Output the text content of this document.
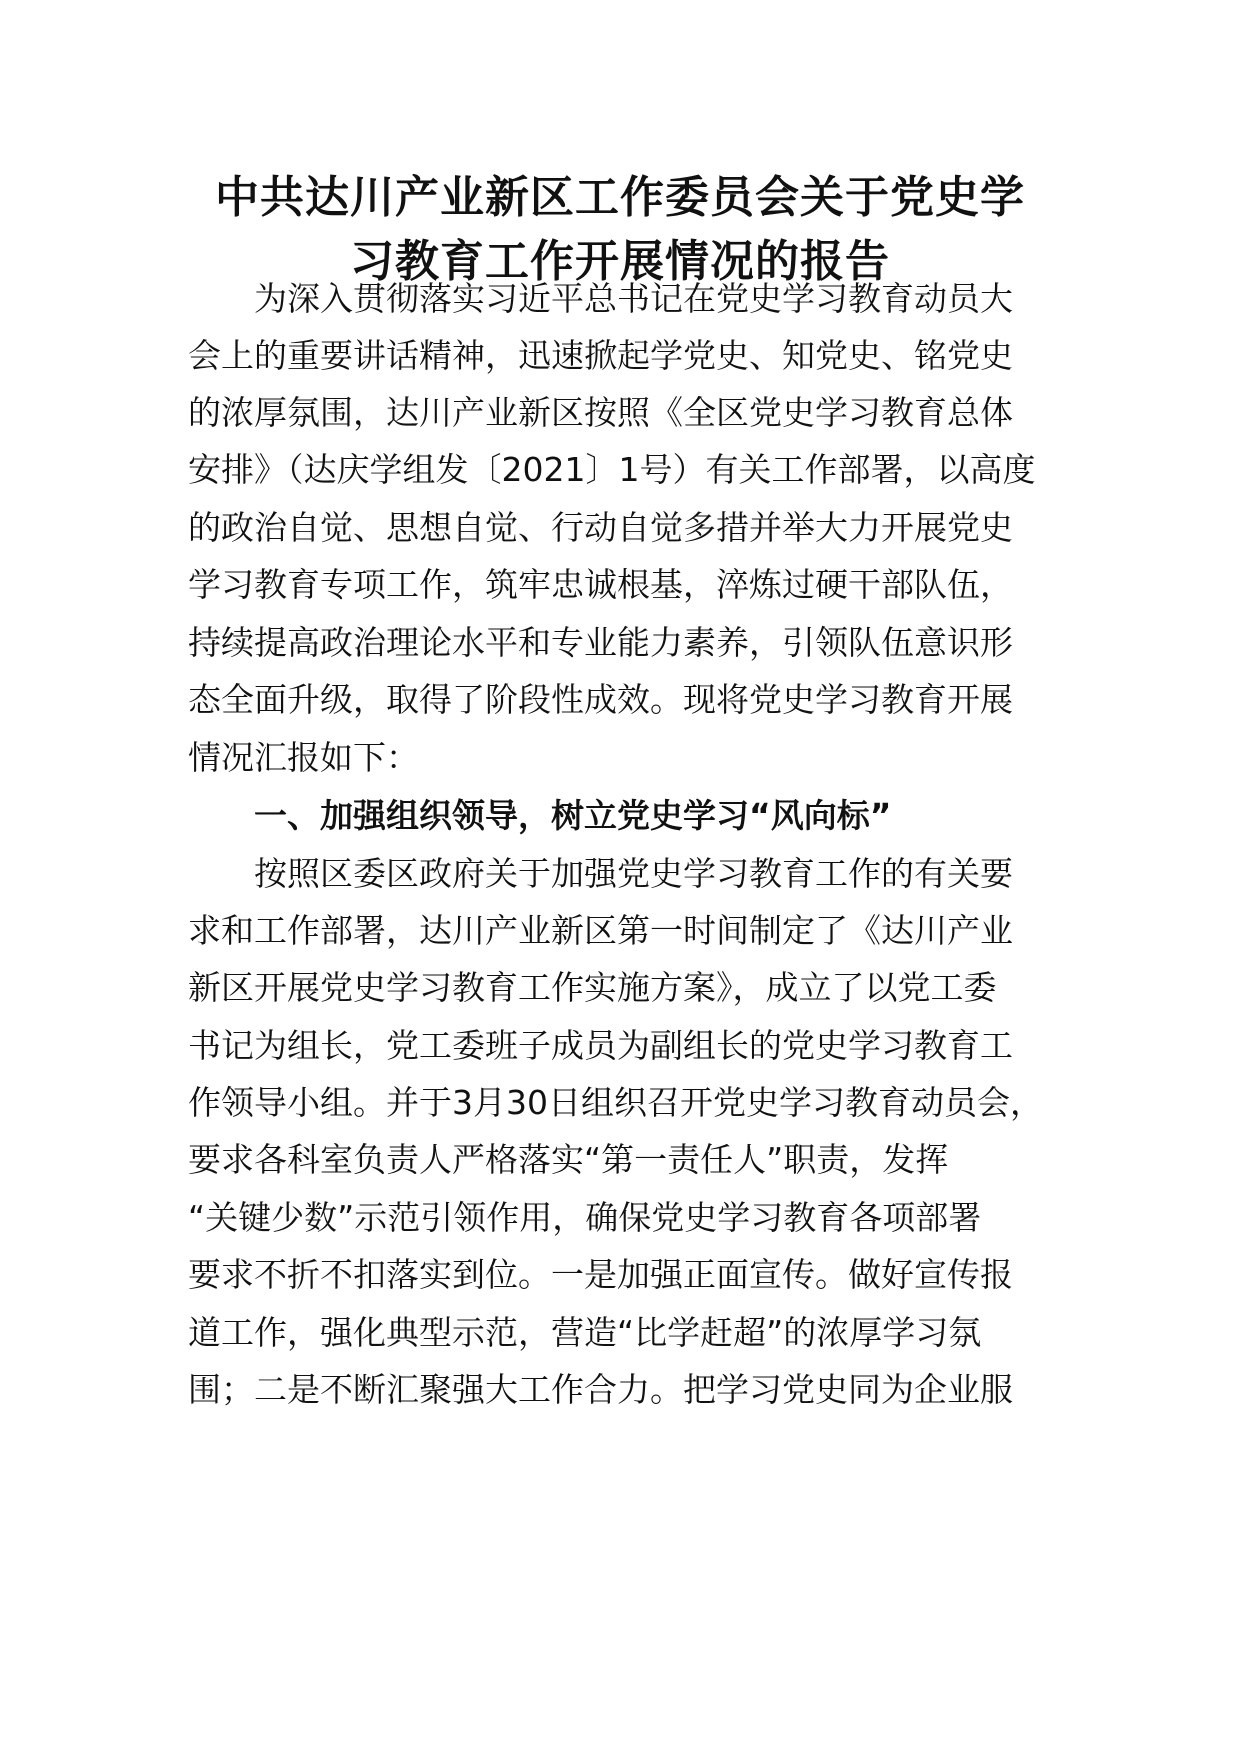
中共达川产业新区工作委员会关于党史学
习教育工作开展情况的报告

为深入贯彻落实习近平总书记在党史学习教育动员大

会上的重要讲话精神，迅速掀起学党史、知党史、铭党史

的浓厚氛围，达川产业新区按照《全区党史学习教育总体

安排》（达庆学组发〔2021〕1号）有关工作部署，以高度

的政治自觉、思想自觉、行动自觉多措并举大力开展党史

学习教育专项工作，筑牢忠诚根基，淬炼过硬干部队伍，

持续提高政治理论水平和专业能力素养，引领队伍意识形

态全面升级，取得了阶段性成效。现将党史学习教育开展

情况汇报如下：

一、加强组织领导，树立党史学习“风向标”

按照区委区政府关于加强党史学习教育工作的有关要

求和工作部署，达川产业新区第一时间制定了《达川产业

新区开展党史学习教育工作实施方案》，成立了以党工委

书记为组长，党工委班子成员为副组长的党史学习教育工

作领导小组。并于3月30日组织召开党史学习教育动员会，

要求各科室负责人严格落实“第一责任人”职责，发挥

“关键少数”示范引领作用，确保党史学习教育各项部署

要求不折不扣落实到位。一是加强正面宣传。做好宣传报

道工作，强化典型示范，营造“比学赶超”的浓厚学习氛

围；二是不断汇聚强大工作合力。把学习党史同为企业服
